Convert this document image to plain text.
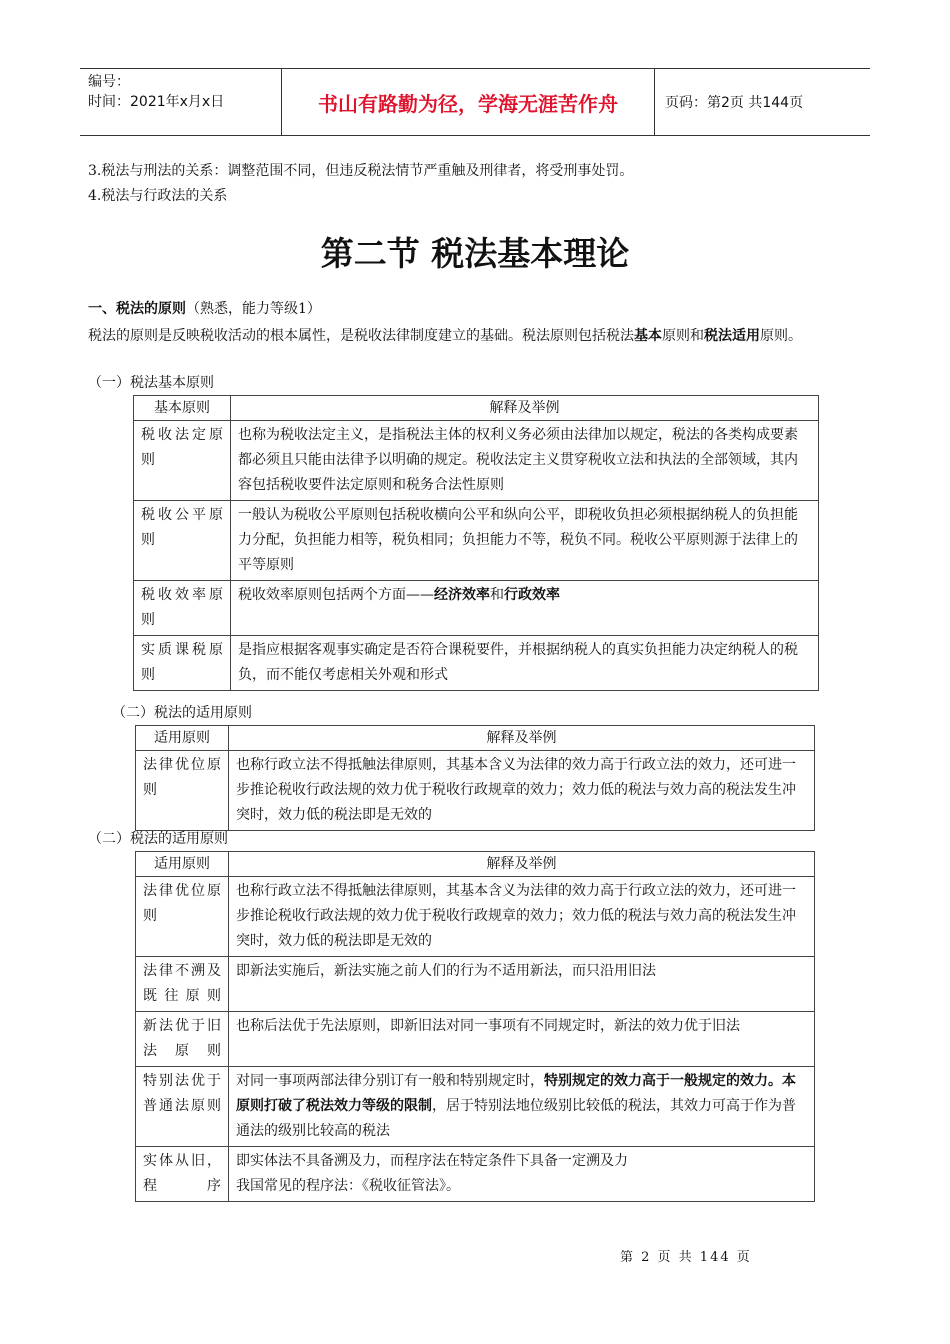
编号：
时间：2021年x月x日	书山有路勤为径，学海无涯苦作舟	页码：第2页 共144页
3.税法与刑法的关系：调整范围不同，但违反税法情节严重触及刑律者，将受刑事处罚。
4.税法与行政法的关系
第二节 税法基本理论
一、税法的原则（熟悉，能力等级1）
税法的原则是反映税收活动的根本属性，是税收法律制度建立的基础。税法原则包括税法基本原则和税法适用原则。
（一）税法基本原则
基本原则	解释及举例
税收法定原则	也称为税收法定主义，是指税法主体的权利义务必须由法律加以规定，税法的各类构成要素都必须且只能由法律予以明确的规定。税收法定主义贯穿税收立法和执法的全部领域，其内容包括税收要件法定原则和税务合法性原则
税收公平原则	一般认为税收公平原则包括税收横向公平和纵向公平，即税收负担必须根据纳税人的负担能力分配，负担能力相等，税负相同；负担能力不等，税负不同。税收公平原则源于法律上的平等原则
税收效率原则	税收效率原则包括两个方面——经济效率和行政效率
实质课税原则	是指应根据客观事实确定是否符合课税要件，并根据纳税人的真实负担能力决定纳税人的税负，而不能仅考虑相关外观和形式
（二）税法的适用原则
适用原则	解释及举例
法律优位原则	也称行政立法不得抵触法律原则，其基本含义为法律的效力高于行政立法的效力，还可进一步推论税收行政法规的效力优于税收行政规章的效力；效力低的税法与效力高的税法发生冲突时，效力低的税法即是无效的
（二）税法的适用原则
适用原则	解释及举例
法律优位原则	也称行政立法不得抵触法律原则，其基本含义为法律的效力高于行政立法的效力，还可进一步推论税收行政法规的效力优于税收行政规章的效力；效力低的税法与效力高的税法发生冲突时，效力低的税法即是无效的
法律不溯及既往原则	即新法实施后，新法实施之前人们的行为不适用新法，而只沿用旧法
新法优于旧法原则	也称后法优于先法原则，即新旧法对同一事项有不同规定时，新法的效力优于旧法
特别法优于普通法原则	对同一事项两部法律分别订有一般和特别规定时，特别规定的效力高于一般规定的效力。本原则打破了税法效力等级的限制，居于特别法地位级别比较低的税法，其效力可高于作为普通法的级别比较高的税法
实体从旧，程序	即实体法不具备溯及力，而程序法在特定条件下具备一定溯及力
我国常见的程序法：《税收征管法》。
第 2 页 共 144 页
